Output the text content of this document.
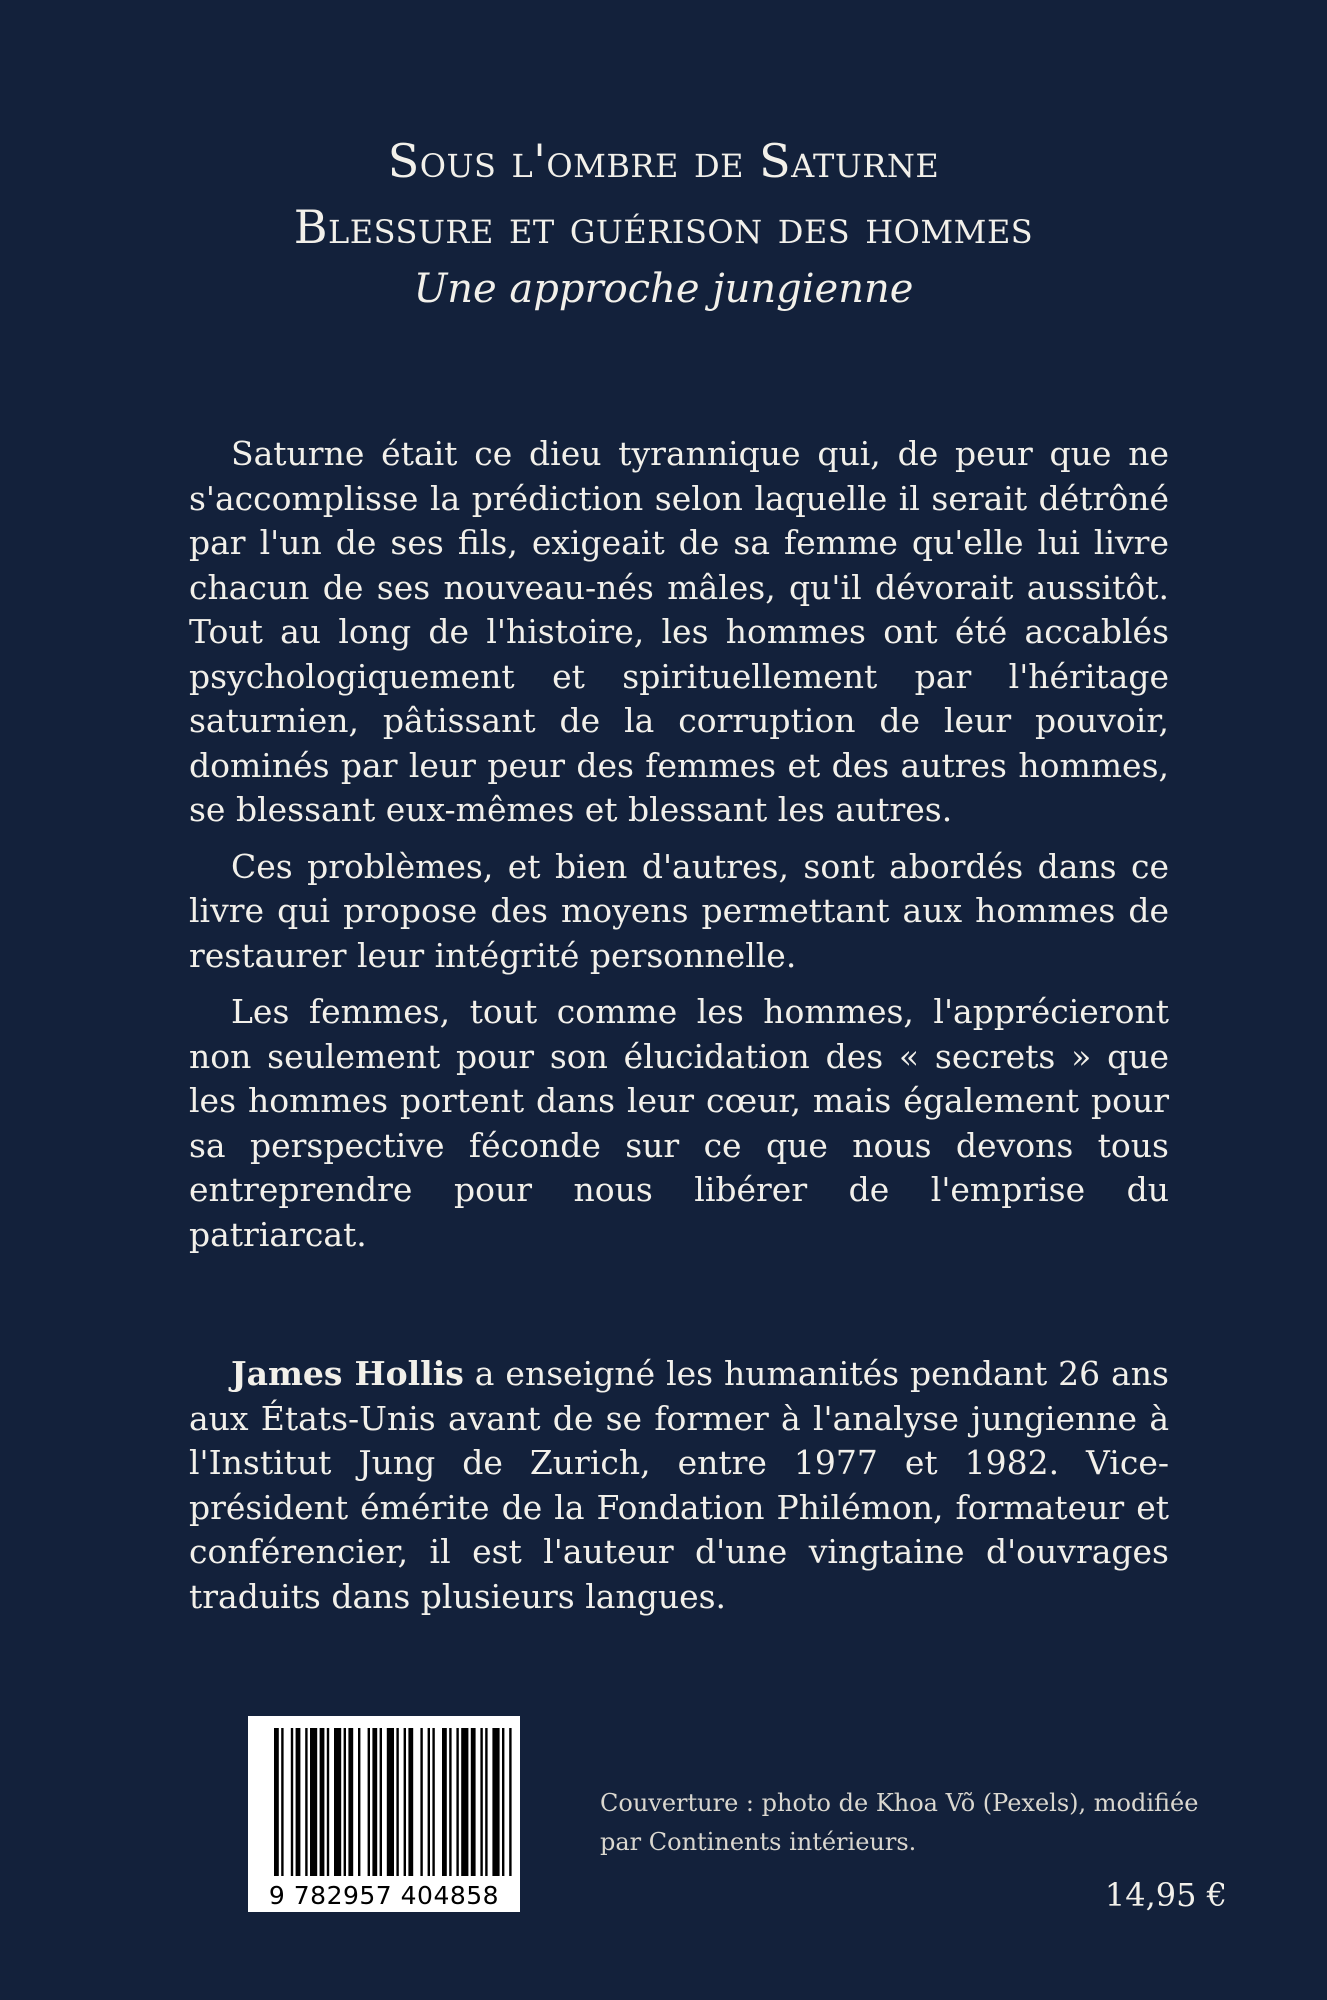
Sous l'ombre de Saturne
Blessure et guérison des hommes
Une approche jungienne

Saturne était ce dieu tyrannique qui, de peur que ne s'accomplisse la prédiction selon laquelle il serait détrôné par l'un de ses fils, exigeait de sa femme qu'elle lui livre chacun de ses nouveau-nés mâles, qu'il dévorait aussitôt. Tout au long de l'histoire, les hommes ont été accablés psychologiquement et spirituellement par l'héritage saturnien, pâtissant de la corruption de leur pouvoir, dominés par leur peur des femmes et des autres hommes, se blessant eux-mêmes et blessant les autres.

Ces problèmes, et bien d'autres, sont abordés dans ce livre qui propose des moyens permettant aux hommes de restaurer leur intégrité personnelle.

Les femmes, tout comme les hommes, l'apprécieront non seulement pour son élucidation des « secrets » que les hommes portent dans leur cœur, mais également pour sa perspective féconde sur ce que nous devons tous entreprendre pour nous libérer de l'emprise du patriarcat.

James Hollis a enseigné les humanités pendant 26 ans aux États-Unis avant de se former à l'analyse jungienne à l'Institut Jung de Zurich, entre 1977 et 1982. Vice-président émérite de la Fondation Philémon, formateur et conférencier, il est l'auteur d'une vingtaine d'ouvrages traduits dans plusieurs langues.
9 782957 404858
Couverture : photo de Khoa Võ (Pexels), modifiée
par Continents intérieurs.
14,95 €
